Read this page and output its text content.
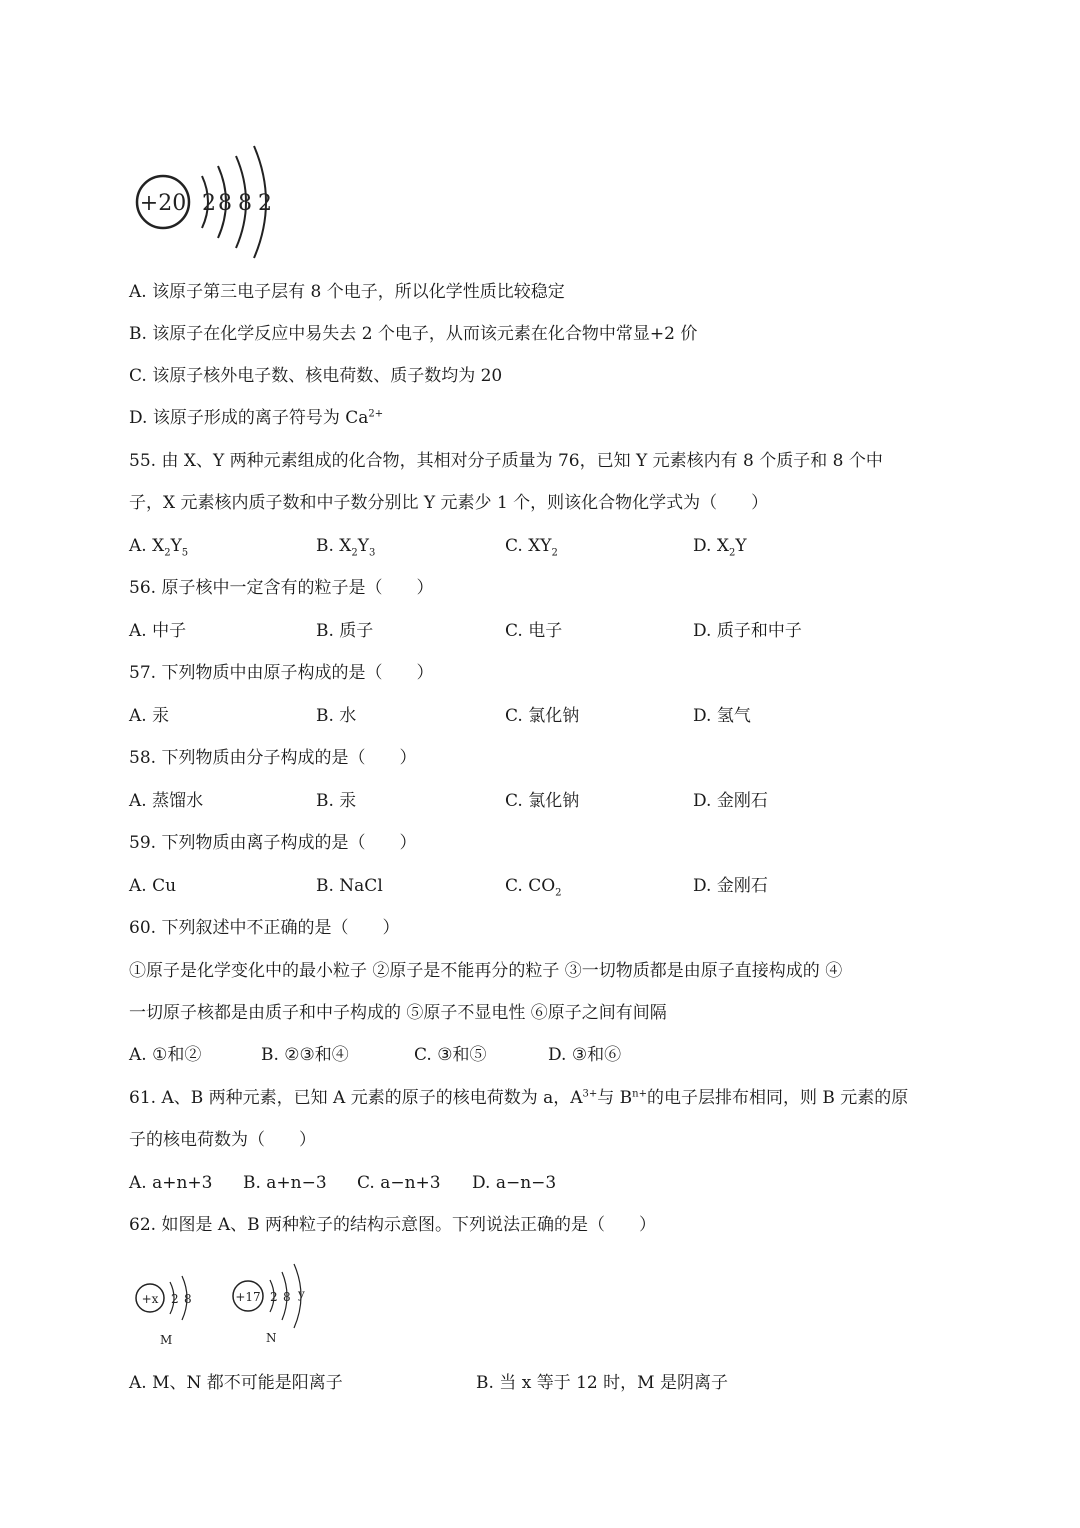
+20 2 8 8 2
A. 该原子第三电子层有 8 个电子，所以化学性质比较稳定
B. 该原子在化学反应中易失去 2 个电子，从而该元素在化合物中常显+2 价
C. 该原子核外电子数、核电荷数、质子数均为 20
D. 该原子形成的离子符号为 $Ca^{2+}$
55. 由 X、Y 两种元素组成的化合物，其相对分子质量为 76，已知 Y 元素核内有 8 个质子和 8 个中
子，X 元素核内质子数和中子数分别比 Y 元素少 1 个，则该化合物化学式为（　　）
A. $X_2Y_5$	B. $X_2Y_3$	C. $XY_2$	D. $X_2Y$
56. 原子核中一定含有的粒子是（　　）
A. 中子	B. 质子	C. 电子	D. 质子和中子
57. 下列物质中由原子构成的是（　　）
A. 汞	B. 水	C. 氯化钠	D. 氢气
58. 下列物质由分子构成的是（　　）
A. 蒸馏水	B. 汞	C. 氯化钠	D. 金刚石
59. 下列物质由离子构成的是（　　）
A. Cu	B. NaCl	C. $CO_2$	D. 金刚石
60. 下列叙述中不正确的是（　　）
①原子是化学变化中的最小粒子 ②原子是不能再分的粒子 ③一切物质都是由原子直接构成的 ④
一切原子核都是由质子和中子构成的 ⑤原子不显电性 ⑥原子之间有间隔
A. ①和②	B. ②③和④	C. ③和⑤	D. ③和⑥
61. A、B 两种元素，已知 A 元素的原子的核电荷数为 a，$A^{3+}$与 $B^{n+}$的电子层排布相同，则 B 元素的原
子的核电荷数为（　　）
A. a+n+3 B. a+n−3 C. a−n+3 D. a−n−3
62. 如图是 A、B 两种粒子的结构示意图。下列说法正确的是（　　）
+x 2 8
M
+17 2 8 y
N
A. M、N 都不可能是阳离子	B. 当 x 等于 12 时，M 是阴离子
